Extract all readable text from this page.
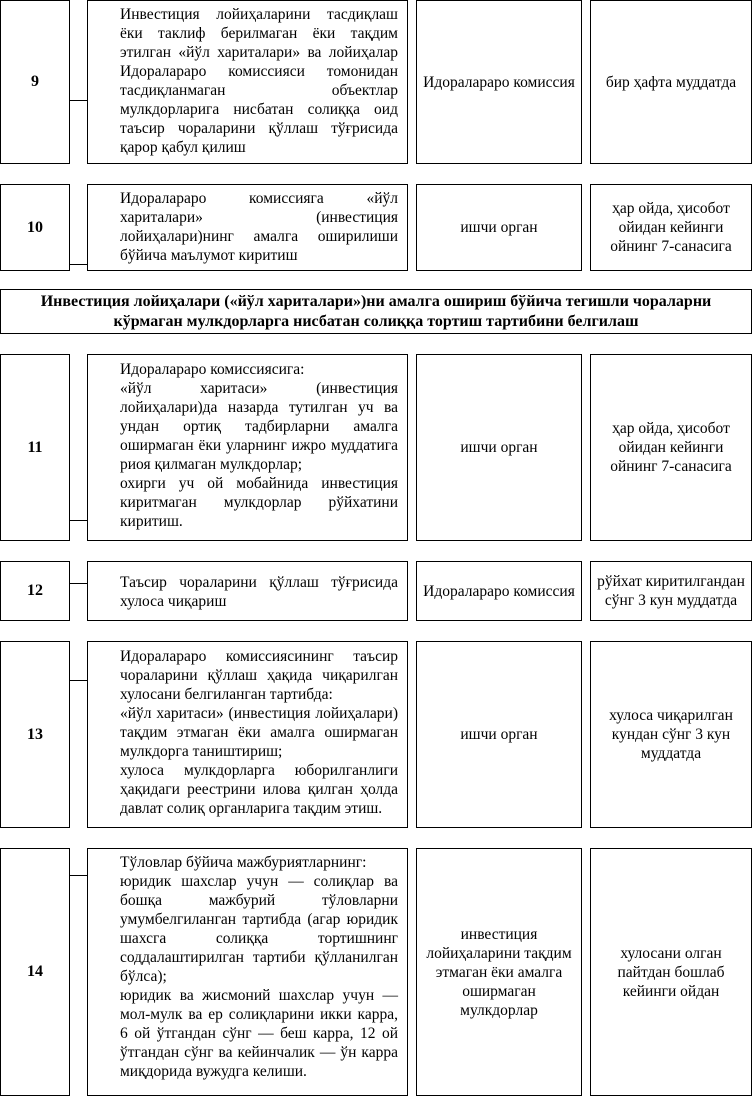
9

Инвестиция лойиҳаларини тасдиқлаш ёки таклиф берилмаган ёки тақдим этилган «йўл хариталари» ва лойиҳалар Идоралараро комиссияси томонидан тасдиқланмаган объектлар мулкдорларига нисбатан солиққа оид таъсир чораларини қўллаш тўғрисида қарор қабул қилиш

Идоралараро комиссия	бир ҳафта муддатда
10

Идоралараро комиссияга «йўл хариталари» (инвестиция лойиҳалари)нинг амалга оширилиши бўйича маълумот киритиш

ишчи орган
ҳар ойда, ҳисобот ойидан кейинги ойнинг 7-санасига
Инвестиция лойиҳалари («йўл хариталари»)ни амалга ошириш бўйича тегишли чораларни кўрмаган мулкдорларга нисбатан солиққа тортиш тартибини белгилаш
11

Идоралараро комиссиясига:

«йўл харитаси» (инвестиция лойиҳалари)да назарда тутилган уч ва ундан ортиқ тадбирларни амалга оширмаган ёки уларнинг ижро муддатига риоя қилмаган мулкдорлар;

охирги уч ой мобайнида инвестиция киритмаган мулкдорлар рўйхатини киритиш.

ишчи орган
ҳар ойда, ҳисобот ойидан кейинги ойнинг 7-санасига
12	Таъсир чораларини қўллаш тўғрисида хулоса чиқариш

Идоралараро комиссия
рўйхат киритилгандан сўнг 3 кун муддатда
13

Идоралараро комиссиясининг таъсир чораларини қўллаш ҳақида чиқарилган хулосани белгиланган тартибда:

«йўл харитаси» (инвестиция лойиҳалари) тақдим этмаган ёки амалга оширмаган мулкдорга таништириш;

хулоса мулкдорларга юборилганлиги ҳақидаги реестрини илова қилган ҳолда давлат солиқ органларига тақдим этиш.

ишчи орган
хулоса чиқарилган кундан сўнг 3 кун муддатда
14

Тўловлар бўйича мажбуриятларнинг:

юридик шахслар учун — солиқлар ва бошқа мажбурий тўловларни умумбелгиланган тартибда (агар юридик шахсга солиққа тортишнинг соддалаштирилган тартиби қўлланилган бўлса);

юридик ва жисмоний шахслар учун — мол-мулк ва ер солиқларини икки карра, 6 ой ўтгандан сўнг — беш карра, 12 ой ўтгандан сўнг ва кейинчалик — ўн карра миқдорида вужудга келиши.

инвестиция лойиҳаларини тақдим этмаган ёки амалга оширмаган мулкдорлар
хулосани олган пайтдан бошлаб кейинги ойдан
